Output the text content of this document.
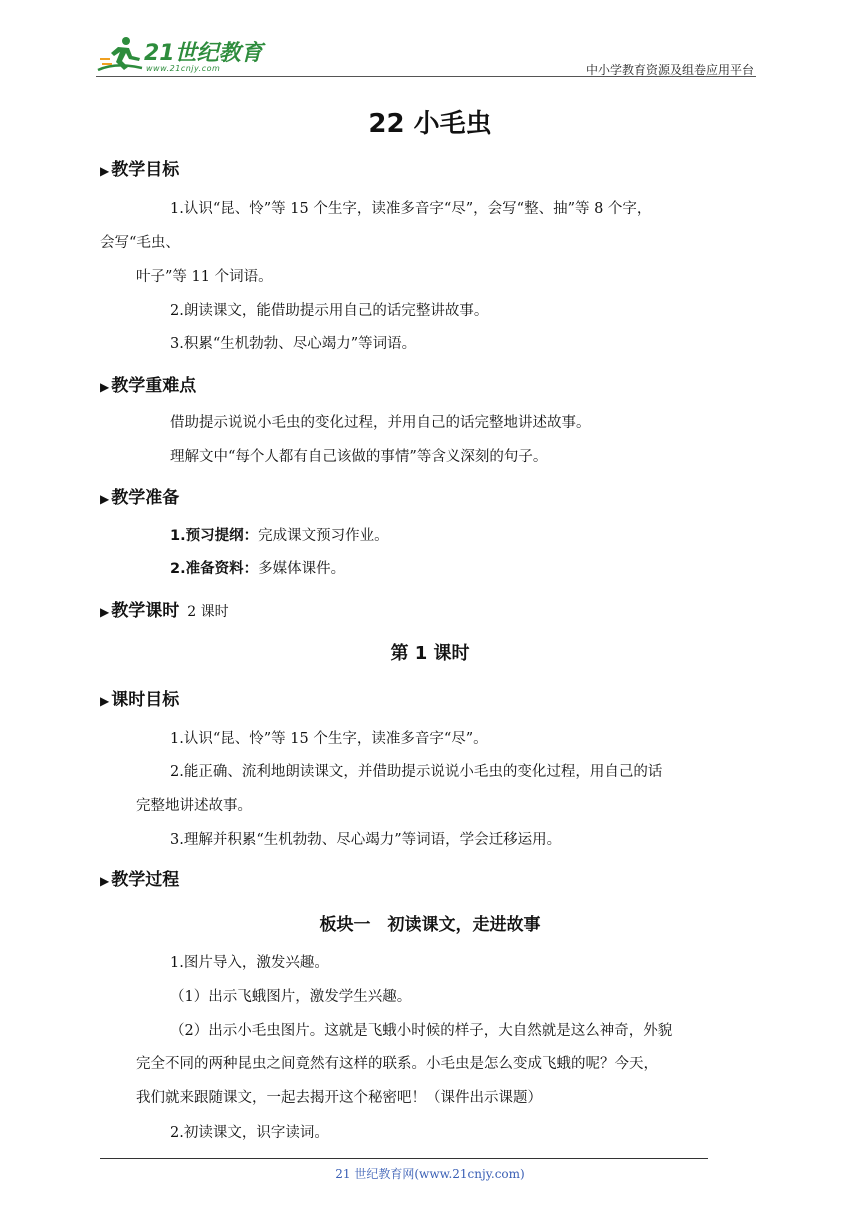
21世纪教育
www.21cnjy.com	中小学教育资源及组卷应用平台
22 小毛虫
▶ 教学目标
1.认识“昆、怜”等 15 个生字，读准多音字“尽”，会写“整、抽”等 8 个字，
会写“毛虫、
叶子”等 11 个词语。
2.朗读课文，能借助提示用自己的话完整讲故事。
3.积累“生机勃勃、尽心竭力”等词语。
▶ 教学重难点
借助提示说说小毛虫的变化过程，并用自己的话完整地讲述故事。
理解文中“每个人都有自己该做的事情”等含义深刻的句子。
▶ 教学准备
1.预习提纲：完成课文预习作业。
2.准备资料：多媒体课件。
▶ 教学课时 2 课时
第 1 课时
▶ 课时目标
1.认识“昆、怜”等 15 个生字，读准多音字“尽”。
2.能正确、流利地朗读课文，并借助提示说说小毛虫的变化过程，用自己的话
完整地讲述故事。
3.理解并积累“生机勃勃、尽心竭力”等词语，学会迁移运用。
▶ 教学过程
板块一　初读课文，走进故事
1.图片导入，激发兴趣。
（1）出示飞蛾图片，激发学生兴趣。
（2）出示小毛虫图片。这就是飞蛾小时候的样子，大自然就是这么神奇，外貌
完全不同的两种昆虫之间竟然有这样的联系。小毛虫是怎么变成飞蛾的呢？今天，
我们就来跟随课文，一起去揭开这个秘密吧！（课件出示课题）
2.初读课文，识字读词。
21 世纪教育网(www.21cnjy.com)
